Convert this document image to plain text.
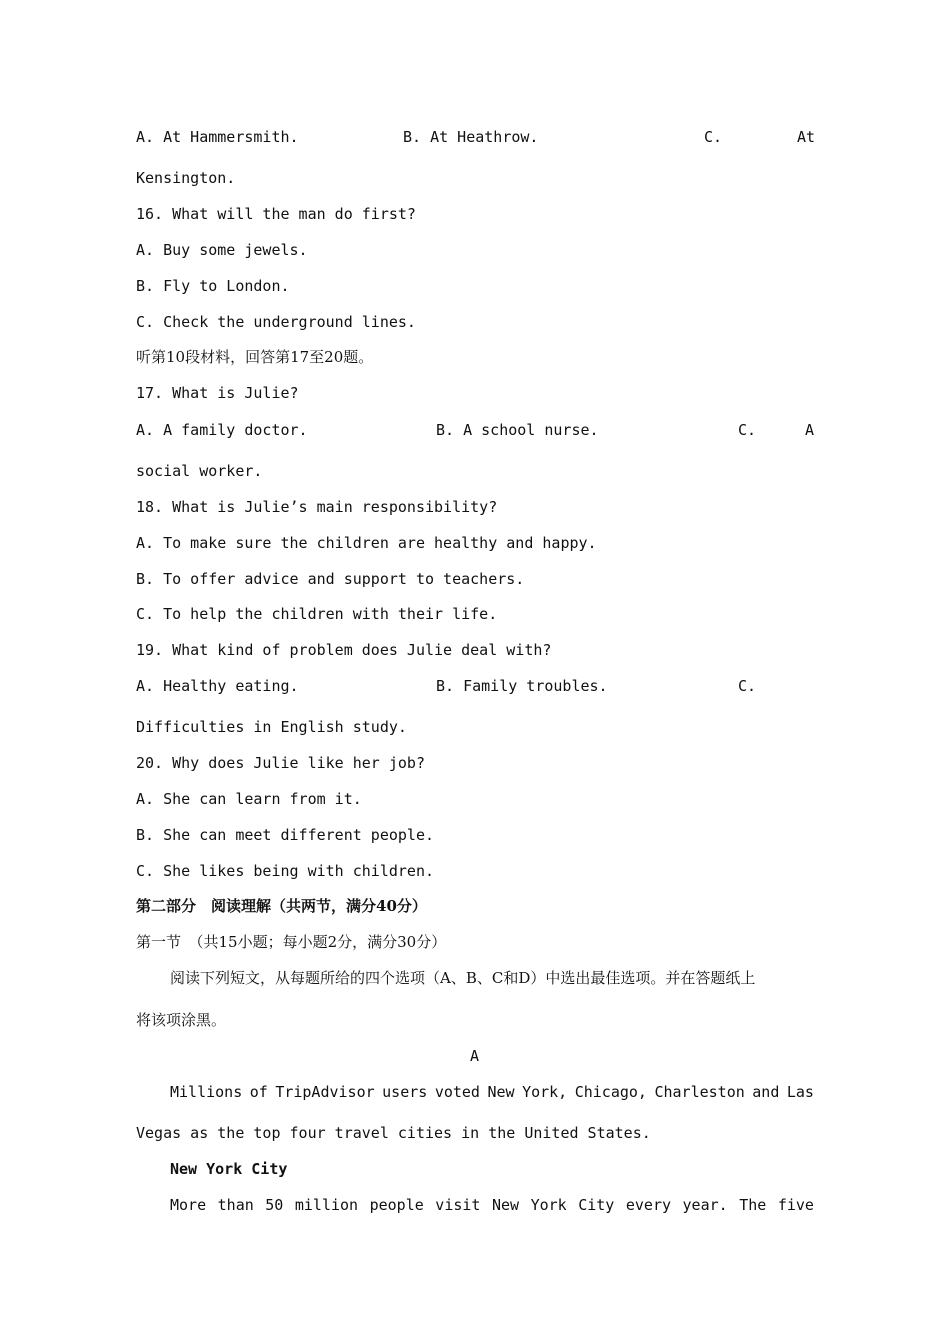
A. At Hammersmith.	B. At Heathrow.	C.	At
Kensington.
16. What will the man do first?
A. Buy some jewels.
B. Fly to London.
C. Check the underground lines.
听第10段材料，回答第17至20题。
17. What is Julie?
A. A family doctor.	B. A school nurse.	C.	A
social worker.
18. What is Julie’s main responsibility?
A. To make sure the children are healthy and happy.
B. To offer advice and support to teachers.
C. To help the children with their life.
19. What kind of problem does Julie deal with?
A. Healthy eating.	B. Family troubles.	C.
Difficulties in English study.
20. Why does Julie like her job?
A. She can learn from it.
B. She can meet different people.
C. She likes being with children.
第二部分　阅读理解（共两节，满分40分）
第一节　（共15小题；每小题2分，满分30分）
阅读下列短文，从每题所给的四个选项（A、B、C和D）中选出最佳选项。并在答题纸上
将该项涂黑。
A
Millions of TripAdvisor users voted New York, Chicago, Charleston and Las
Vegas as the top four travel cities in the United States.
New York City
More than 50 million people visit New York City every year. The five
